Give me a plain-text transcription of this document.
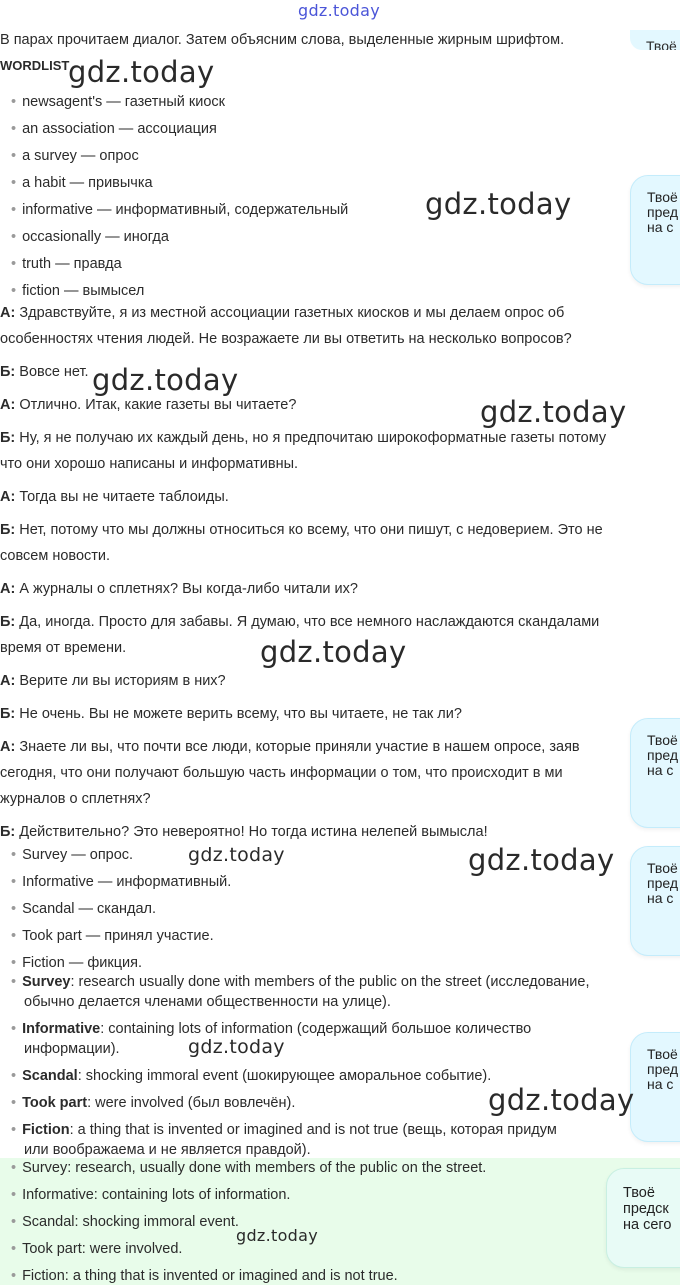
gdz.today
В парах прочитаем диалог. Затем объясним слова, выделенные жирным шрифтом.	Твоё
WORDLIST
• newsagent's — газетный киоск
• an association — ассоциация
• a survey — опрос
• a habit — привычка
• informative — информативный, содержательный
• occasionally — иногда
• truth — правда
• fiction — вымысел
А: Здравствуйте, я из местной ассоциации газетных киосков и мы делаем опрос об
особенностях чтения людей. Не возражаете ли вы ответить на несколько вопросов?
Б: Вовсе нет.
А: Отлично. Итак, какие газеты вы читаете?
Б: Ну, я не получаю их каждый день, но я предпочитаю широкоформатные газеты потому
что они хорошо написаны и информативны.
А: Тогда вы не читаете таблоиды.
Б: Нет, потому что мы должны относиться ко всему, что они пишут, с недоверием. Это не
совсем новости.
А: А журналы о сплетнях? Вы когда-либо читали их?
Б: Да, иногда. Просто для забавы. Я думаю, что все немного наслаждаются скандалами
время от времени.
А: Верите ли вы историям в них?
Б: Не очень. Вы не можете верить всему, что вы читаете, не так ли?
А: Знаете ли вы, что почти все люди, которые приняли участие в нашем опросе, заяв
сегодня, что они получают большую часть информации о том, что происходит в ми
журналов о сплетнях?
Б: Действительно? Это невероятно! Но тогда истина нелепей вымысла!
• Survey — опрос.
• Informative — информативный.
• Scandal — скандал.
• Took part — принял участие.
• Fiction — фикция.
• Survey: research usually done with members of the public on the street (исследование,
обычно делается членами общественности на улице).
• Informative: containing lots of information (содержащий большое количество
информации).
• Scandal: shocking immoral event (шокирующее аморальное событие).
• Took part: were involved (был вовлечён).
• Fiction: a thing that is invented or imagined and is not true (вещь, которая придум
или воображаема и не является правдой).
• Survey: research, usually done with members of the public on the street.
• Informative: containing lots of information.
• Scandal: shocking immoral event.
• Took part: were involved.
• Fiction: a thing that is invented or imagined and is not true.
Твоё
пред
на с
Твоё
пред
на с
Твоё
пред
на с
Твоё
пред
на с
Твоё
предск
на сего
gdz.today
gdz.today
gdz.today
gdz.today
gdz.today
gdz.today	gdz.today
gdz.today
gdz.today
gdz.today
